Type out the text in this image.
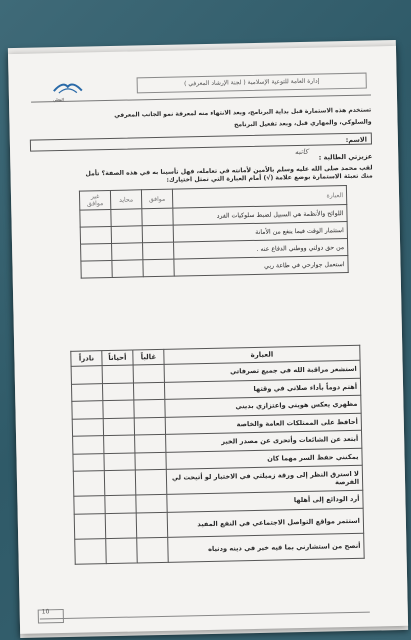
إدارة العامة للتوعية الإسلامية ( لجنة الإرشاد المعرفي )
التحلي
تستخدم هذه الاستمارة قبل بداية البرنامج، وبعد الانتهاء منه لمعرفة نمو الجانب المعرفي
والسلوكي، والمهاري قبل، وبعد تفعيل البرنامج
الاسم:
عزيزتي الطالبة :
كاتبه
لقب محمد صلى الله عليه وسلم بالأمين لأمانته في تعامله، فهل تأسينا به في هذه الصفة؟ تأمل منك تعبئة الاستمارة بوضع علامة (√) أمام العبارة التي تمثل اختيارك:
العبارة	موافق	محايد	غير موافق
اللوائح والأنظمة هي السبيل لضبط سلوكيات الفرد			
استثمار الوقت فيما ينفع من الأمانة			
من حق دولتي ووطني الدفاع عنه .			
استعمل جوارحي في طاعة ربي			
العبارة	غالباً	أحياناً	نادراً
استشعر مراقبة الله في جميع تصرفاتي			
أهتم دوماً بأداء صلاتي في وقتها			
مظهري يعكس هويتي واعتزازي بديني			
أحافظ على الممتلكات العامة والخاصة			
أبتعد عن الشائعات وأتحرى عن مصدر الخبر			
يمكنني حفظ السر مهما كان			
لا استرق النظر إلى ورقة زميلتي في الاختبار لو أتيحت لي الفرصة			
أرد الودائع إلى أهلها			
استثمر مواقع التواصل الاجتماعي في النفع المفيد			
أنصح من استشارني بما فيه خير في دينه ودنياه			
10
